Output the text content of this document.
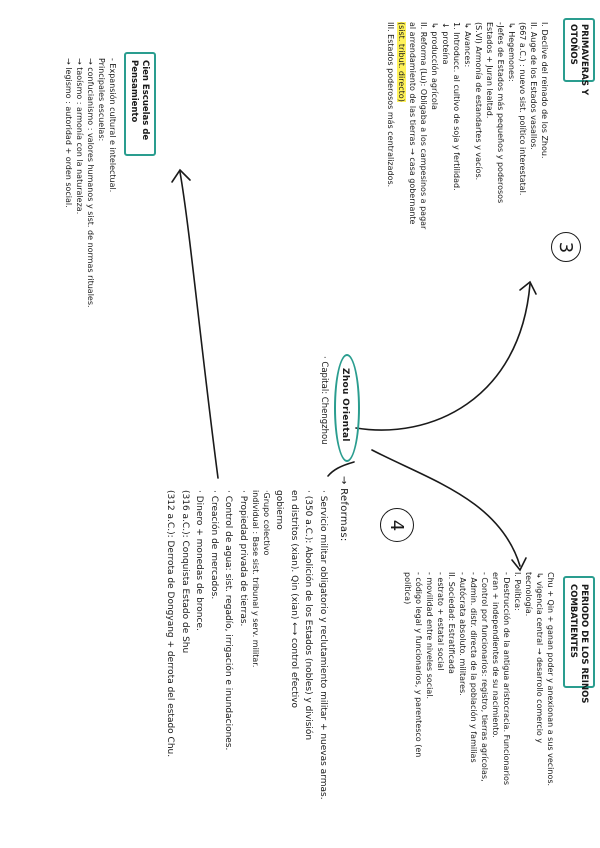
Zhou Oriental
· Capital: Chengzhou
PRIMAVERAS Y
OTOÑOS
3
I. Declive del reinado de los Zhou.
II. Auge de los Estados vasallos.
(667 a.C.) : nuevo sist. político interestatal.
↳ Hegemones:
-Jefes de Estados más pequeños y poderosos
Estados + Juran lealtad.
(S.VI) Armonía de estandartes y vacíos.
↳ Avances:
1. Introducc. al cultivo de soja y fertilidad.
↓ proteína
↳ producción agrícola
II. Reforma (Lu): Obligaba a los campesinos a pagar
al arrendamiento de las tierras → casa gobernante
(sist. tribut. directo)
III. Estados poderosos más centralizados.
Cien Escuelas de
Pensamiento
- Expansión cultural e intelectual.
Principales escuelas:
→ confucianismo : valores humanos y sist. de normas rituales.
→ taoísmo : armonía con la naturaleza.
→ legismo : autoridad + orden social.
PERIODO DE LOS REINOS
COMBATIENTES
Chu + Qin + ganan poder y anexionan a sus vecinos.
↳ vigencia central → desarrollo comercio y
tecnología.
I. Política:
- Destrucción de la antigua aristocracia. Funcionarios
eran + independientes de su nacimiento.
- Control por funcionarios: registro, tierras agrícolas,
- Admin. distr. directa de la población y familias
- Autócrata absoluto. militares.
II. Sociedad: Estratificada
- estrato + estatal social
- movilidad entre niveles social.
- código legal y funcionarios, y parentesco (en
política)
4
→ Reformas:
· Servicio militar obligatorio y reclutamiento militar + nuevas armas.
· (350 a.C.): Abolición de los Estados (nobles) y división
en distritos (xian). Qin (xian) ⟷ control efectivo
gobierno
·Grupo colectivo
individual : Base sist. tribunal y serv. militar.
· Propiedad privada de tierras.
· Control de agua: sist. regadío, irrigación e inundaciones.
· Creación de mercados.
· Dinero + monedas de bronce.
(316 a.C.): Conquista Estado de Shu
(312 a.C.): Derrota de Dongyang + derrota del estado Chu.
